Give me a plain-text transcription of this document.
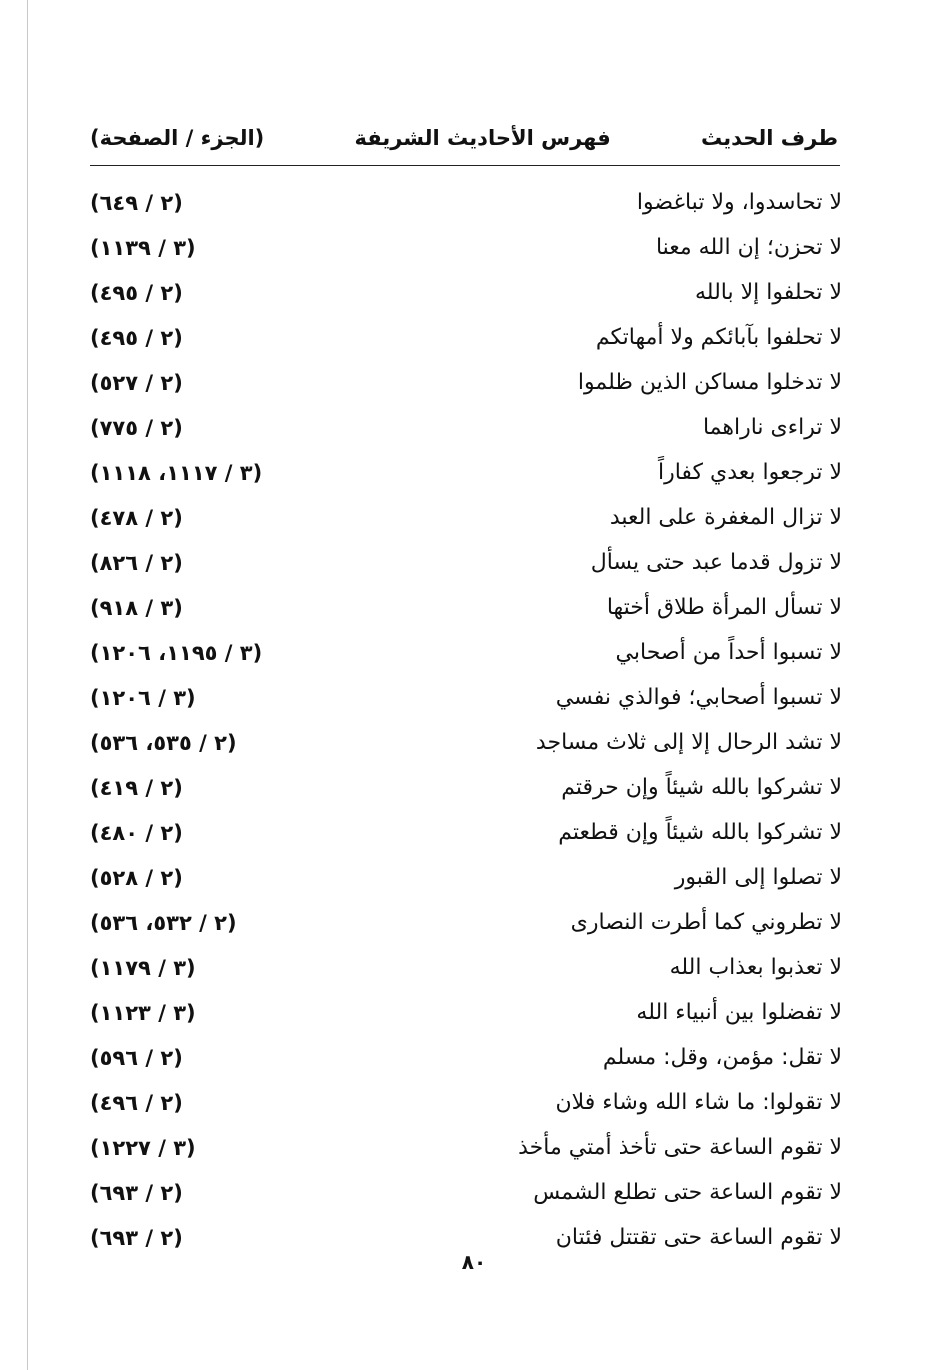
طرف الحديث
فهرس الأحاديث الشريفة
(الجزء / الصفحة)
لا تحاسدوا، ولا تباغضوا
(٢ / ٦٤٩)
لا تحزن؛ إن الله معنا
(٣ / ١١٣٩)
لا تحلفوا إلا بالله
(٢ / ٤٩٥)
لا تحلفوا بآبائكم ولا أمهاتكم
(٢ / ٤٩٥)
لا تدخلوا مساكن الذين ظلموا
(٢ / ٥٢٧)
لا تراءى ناراهما
(٢ / ٧٧٥)
لا ترجعوا بعدي كفاراً
(٣ / ١١١٧، ١١١٨)
لا تزال المغفرة على العبد
(٢ / ٤٧٨)
لا تزول قدما عبد حتى يسأل
(٢ / ٨٢٦)
لا تسأل المرأة طلاق أختها
(٣ / ٩١٨)
لا تسبوا أحداً من أصحابي
(٣ / ١١٩٥، ١٢٠٦)
لا تسبوا أصحابي؛ فوالذي نفسي
(٣ / ١٢٠٦)
لا تشد الرحال إلا إلى ثلاث مساجد
(٢ / ٥٣٥، ٥٣٦)
لا تشركوا بالله شيئاً وإن حرقتم
(٢ / ٤١٩)
لا تشركوا بالله شيئاً وإن قطعتم
(٢ / ٤٨٠)
لا تصلوا إلى القبور
(٢ / ٥٢٨)
لا تطروني كما أطرت النصارى
(٢ / ٥٣٢، ٥٣٦)
لا تعذبوا بعذاب الله
(٣ / ١١٧٩)
لا تفضلوا بين أنبياء الله
(٣ / ١١٢٣)
لا تقل: مؤمن، وقل: مسلم
(٢ / ٥٩٦)
لا تقولوا: ما شاء الله وشاء فلان
(٢ / ٤٩٦)
لا تقوم الساعة حتى تأخذ أمتي مأخذ
(٣ / ١٢٢٧)
لا تقوم الساعة حتى تطلع الشمس
(٢ / ٦٩٣)
لا تقوم الساعة حتى تقتتل فئتان
(٢ / ٦٩٣)
٨٠
